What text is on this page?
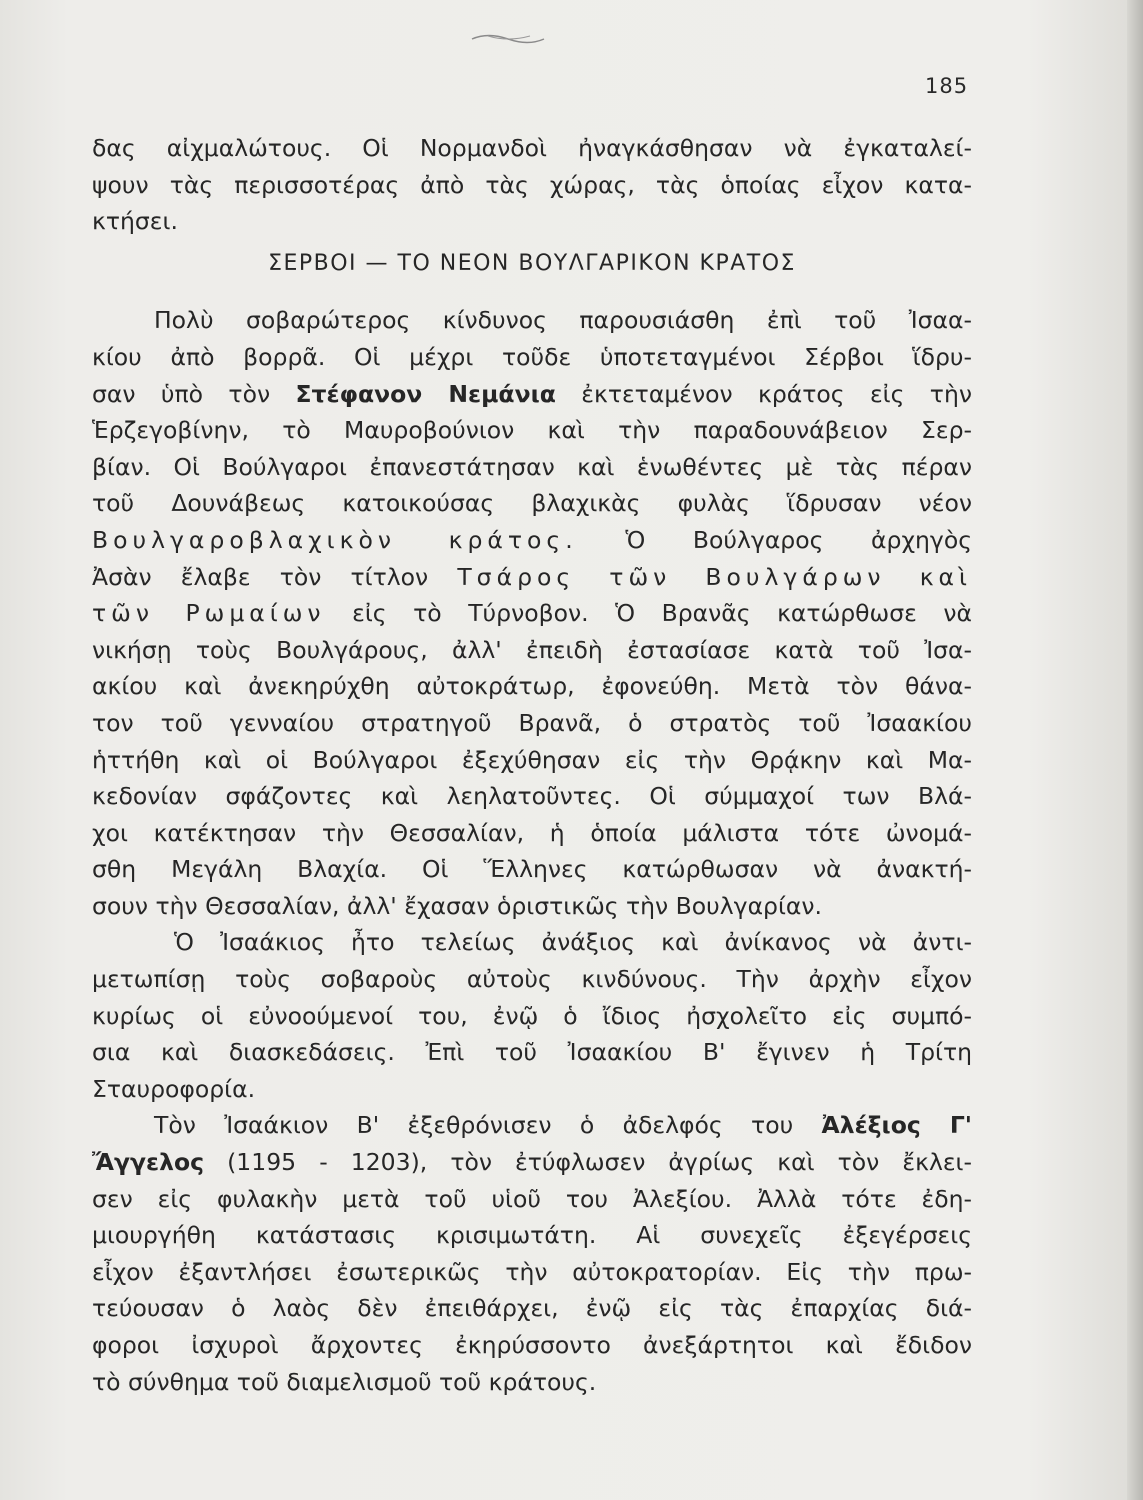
185
δας αἰχμαλώτους. Οἱ Νορμανδοὶ ἠναγκάσθησαν νὰ ἐγκαταλεί-
ψουν τὰς περισσοτέρας ἀπὸ τὰς χώρας, τὰς ὁποίας εἶχον κατα-
κτήσει.
ΣΕΡΒΟΙ — ΤΟ ΝΕΟΝ ΒΟΥΛΓΑΡΙΚΟΝ ΚΡΑΤΟΣ
Πολὺ σοβαρώτερος κίνδυνος παρουσιάσθη ἐπὶ τοῦ Ἰσαα-
κίου ἀπὸ βορρᾶ. Οἱ μέχρι τοῦδε ὑποτεταγμένοι Σέρβοι ἵδρυ-
σαν ὑπὸ τὸν Στέφανον Νεμάνια ἐκτεταμένον κράτος εἰς τὴν
Ἑρζεγοβίνην, τὸ Μαυροβούνιον καὶ τὴν παραδουνάβειον Σερ-
βίαν. Οἱ Βούλγαροι ἐπανεστάτησαν καὶ ἑνωθέντες μὲ τὰς πέραν
τοῦ Δουνάβεως κατοικούσας βλαχικὰς φυλὰς ἵδρυσαν νέον
Βουλγαροβλαχικὸν κράτος. Ὁ Βούλγαρος ἀρχηγὸς
Ἀσὰν ἔλαβε τὸν τίτλον Τσάρος τῶν Βουλγάρων καὶ
τῶν Ρωμαίων εἰς τὸ Τύρνοβον. Ὁ Βρανᾶς κατώρθωσε νὰ
νικήσῃ τοὺς Βουλγάρους, ἀλλ' ἐπειδὴ ἐστασίασε κατὰ τοῦ Ἰσα-
ακίου καὶ ἀνεκηρύχθη αὐτοκράτωρ, ἐφονεύθη. Μετὰ τὸν θάνα-
τον τοῦ γενναίου στρατηγοῦ Βρανᾶ, ὁ στρατὸς τοῦ Ἰσαακίου
ἡττήθη καὶ οἱ Βούλγαροι ἐξεχύθησαν εἰς τὴν Θρᾴκην καὶ Μα-
κεδονίαν σφάζοντες καὶ λεηλατοῦντες. Οἱ σύμμαχοί των Βλά-
χοι κατέκτησαν τὴν Θεσσαλίαν, ἡ ὁποία μάλιστα τότε ὠνομά-
σθη Μεγάλη Βλαχία. Οἱ Ἕλληνες κατώρθωσαν νὰ ἀνακτή-
σουν τὴν Θεσσαλίαν, ἀλλ' ἔχασαν ὁριστικῶς τὴν Βουλγαρίαν.
Ὁ Ἰσαάκιος ἦτο τελείως ἀνάξιος καὶ ἀνίκανος νὰ ἀντι-
μετωπίσῃ τοὺς σοβαροὺς αὐτοὺς κινδύνους. Τὴν ἀρχὴν εἶχον
κυρίως οἱ εὐνοούμενοί του, ἐνῷ ὁ ἴδιος ἠσχολεῖτο εἰς συμπό-
σια καὶ διασκεδάσεις. Ἐπὶ τοῦ Ἰσαακίου Β' ἔγινεν ἡ Τρίτη
Σταυροφορία.
Τὸν Ἰσαάκιον Β' ἐξεθρόνισεν ὁ ἀδελφός του Ἀλέξιος Γ'
Ἄγγελος (1195 - 1203), τὸν ἐτύφλωσεν ἀγρίως καὶ τὸν ἔκλει-
σεν εἰς φυλακὴν μετὰ τοῦ υἱοῦ του Ἀλεξίου. Ἀλλὰ τότε ἐδη-
μιουργήθη κατάστασις κρισιμωτάτη. Αἱ συνεχεῖς ἐξεγέρσεις
εἶχον ἐξαντλήσει ἐσωτερικῶς τὴν αὐτοκρατορίαν. Εἰς τὴν πρω-
τεύουσαν ὁ λαὸς δὲν ἐπειθάρχει, ἐνῷ εἰς τὰς ἐπαρχίας διά-
φοροι ἰσχυροὶ ἄρχοντες ἐκηρύσσοντο ἀνεξάρτητοι καὶ ἔδιδον
τὸ σύνθημα τοῦ διαμελισμοῦ τοῦ κράτους.
